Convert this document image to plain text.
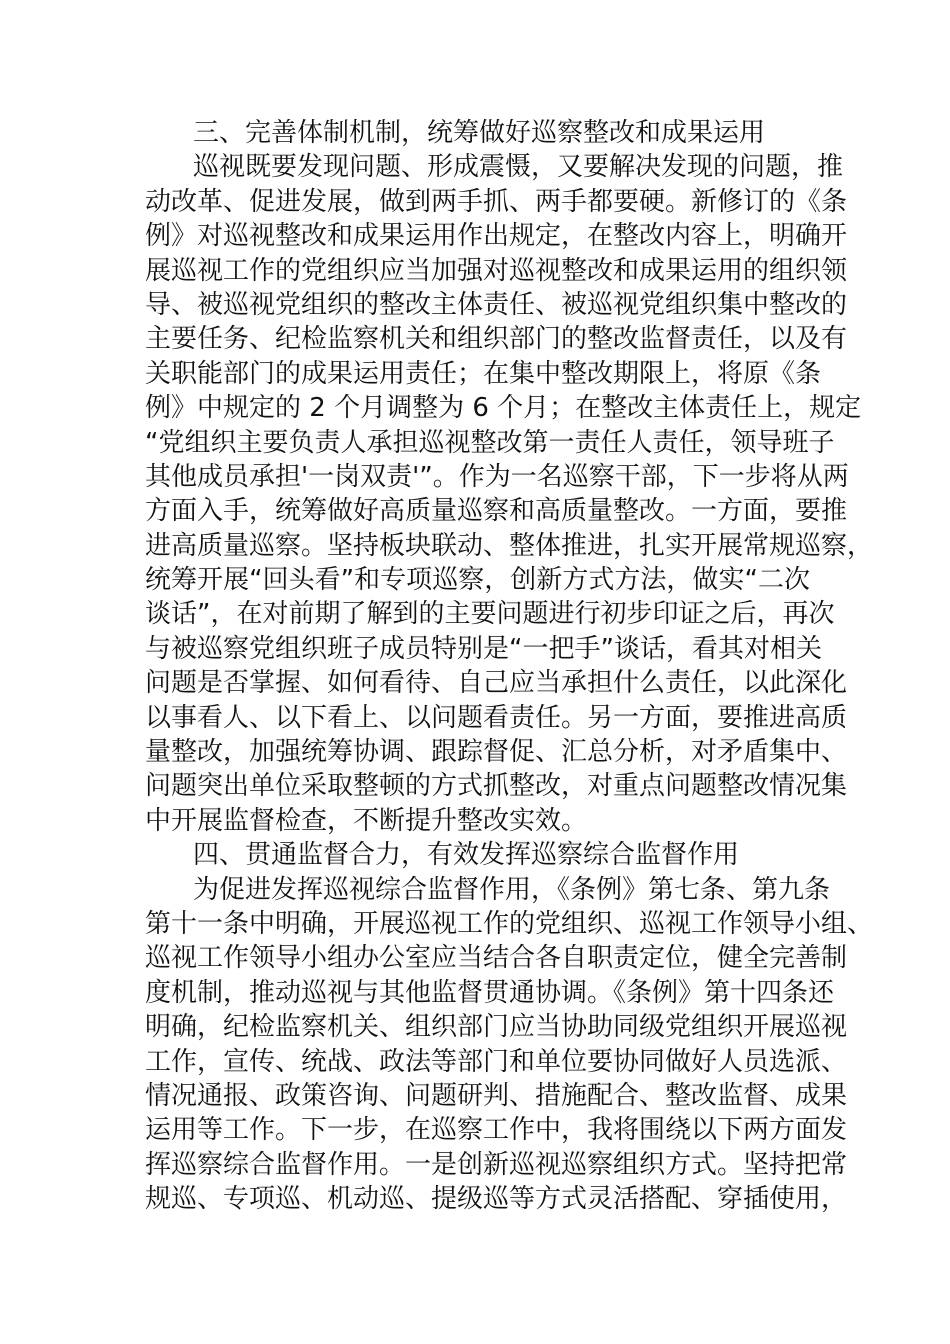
三、完善体制机制，统筹做好巡察整改和成果运用
巡视既要发现问题、形成震慑，又要解决发现的问题，推
动改革、促进发展，做到两手抓、两手都要硬。新修订的《条
例》对巡视整改和成果运用作出规定，在整改内容上，明确开
展巡视工作的党组织应当加强对巡视整改和成果运用的组织领
导、被巡视党组织的整改主体责任、被巡视党组织集中整改的
主要任务、纪检监察机关和组织部门的整改监督责任，以及有
关职能部门的成果运用责任；在集中整改期限上，将原《条
例》中规定的 2 个月调整为 6 个月；在整改主体责任上，规定
“党组织主要负责人承担巡视整改第一责任人责任，领导班子
其他成员承担'一岗双责'”。作为一名巡察干部，下一步将从两
方面入手，统筹做好高质量巡察和高质量整改。一方面，要推
进高质量巡察。坚持板块联动、整体推进，扎实开展常规巡察，
统筹开展“回头看”和专项巡察，创新方式方法，做实“二次
谈话”，在对前期了解到的主要问题进行初步印证之后，再次
与被巡察党组织班子成员特别是“一把手”谈话，看其对相关
问题是否掌握、如何看待、自己应当承担什么责任，以此深化
以事看人、以下看上、以问题看责任。另一方面，要推进高质
量整改，加强统筹协调、跟踪督促、汇总分析，对矛盾集中、
问题突出单位采取整顿的方式抓整改，对重点问题整改情况集
中开展监督检查，不断提升整改实效。
四、贯通监督合力，有效发挥巡察综合监督作用
为促进发挥巡视综合监督作用，《条例》第七条、第九条
第十一条中明确，开展巡视工作的党组织、巡视工作领导小组、
巡视工作领导小组办公室应当结合各自职责定位，健全完善制
度机制，推动巡视与其他监督贯通协调。《条例》第十四条还
明确，纪检监察机关、组织部门应当协助同级党组织开展巡视
工作，宣传、统战、政法等部门和单位要协同做好人员选派、
情况通报、政策咨询、问题研判、措施配合、整改监督、成果
运用等工作。下一步，在巡察工作中，我将围绕以下两方面发
挥巡察综合监督作用。一是创新巡视巡察组织方式。坚持把常
规巡、专项巡、机动巡、提级巡等方式灵活搭配、穿插使用，
